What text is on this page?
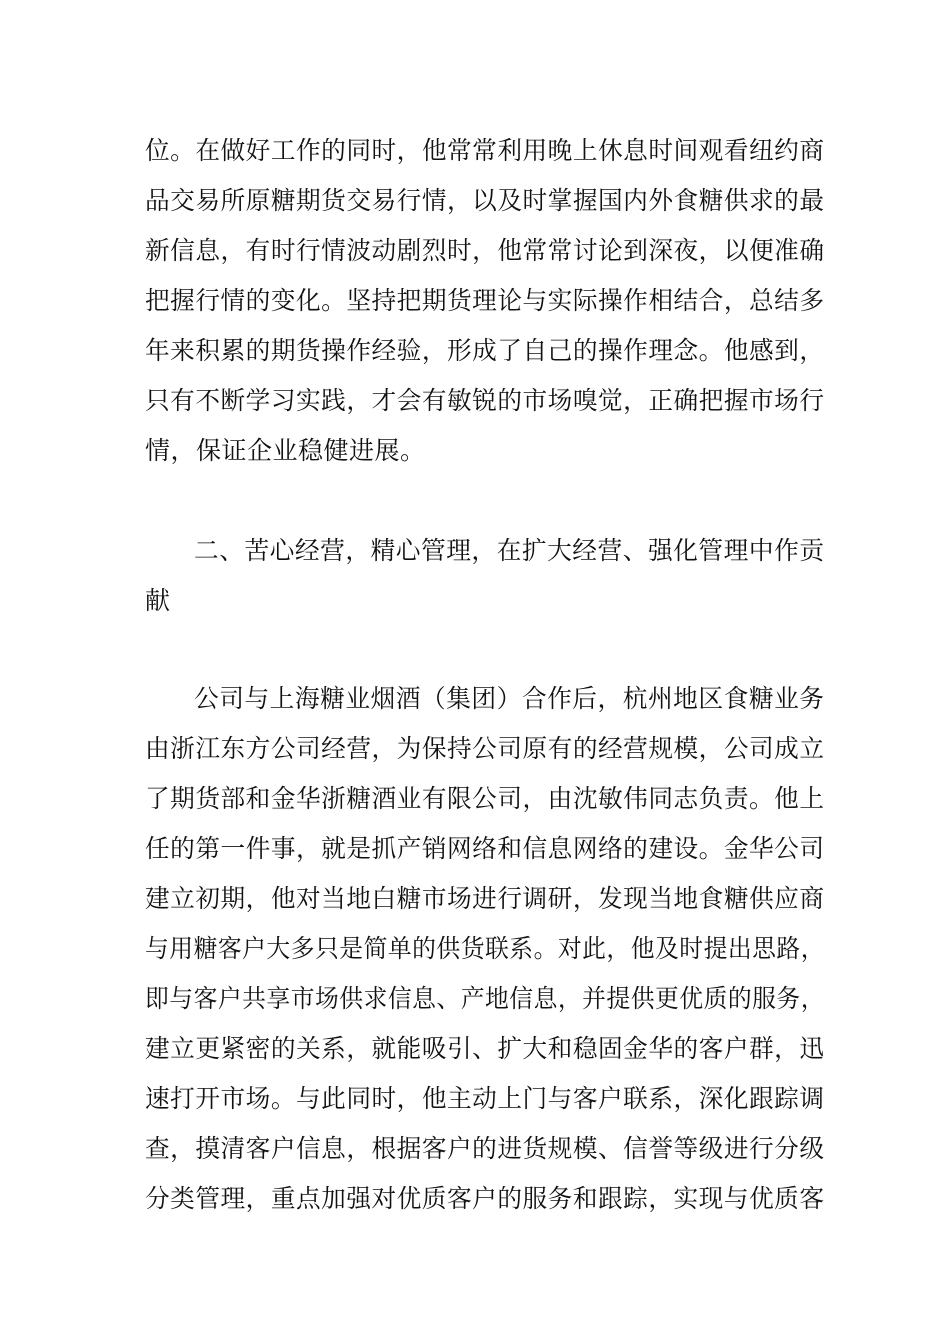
位。在做好工作的同时，他常常利用晚上休息时间观看纽约商
品交易所原糖期货交易行情，以及时掌握国内外食糖供求的最
新信息，有时行情波动剧烈时，他常常讨论到深夜，以便准确
把握行情的变化。坚持把期货理论与实际操作相结合，总结多
年来积累的期货操作经验，形成了自己的操作理念。他感到，
只有不断学习实践，才会有敏锐的市场嗅觉，正确把握市场行
情，保证企业稳健进展。
二、苦心经营，精心管理，在扩大经营、强化管理中作贡
献
公司与上海糖业烟酒（集团）合作后，杭州地区食糖业务
由浙江东方公司经营，为保持公司原有的经营规模，公司成立
了期货部和金华浙糖酒业有限公司，由沈敏伟同志负责。他上
任的第一件事，就是抓产销网络和信息网络的建设。金华公司
建立初期，他对当地白糖市场进行调研，发现当地食糖供应商
与用糖客户大多只是简单的供货联系。对此，他及时提出思路，
即与客户共享市场供求信息、产地信息，并提供更优质的服务，
建立更紧密的关系，就能吸引、扩大和稳固金华的客户群，迅
速打开市场。与此同时，他主动上门与客户联系，深化跟踪调
查，摸清客户信息，根据客户的进货规模、信誉等级进行分级
分类管理，重点加强对优质客户的服务和跟踪，实现与优质客
